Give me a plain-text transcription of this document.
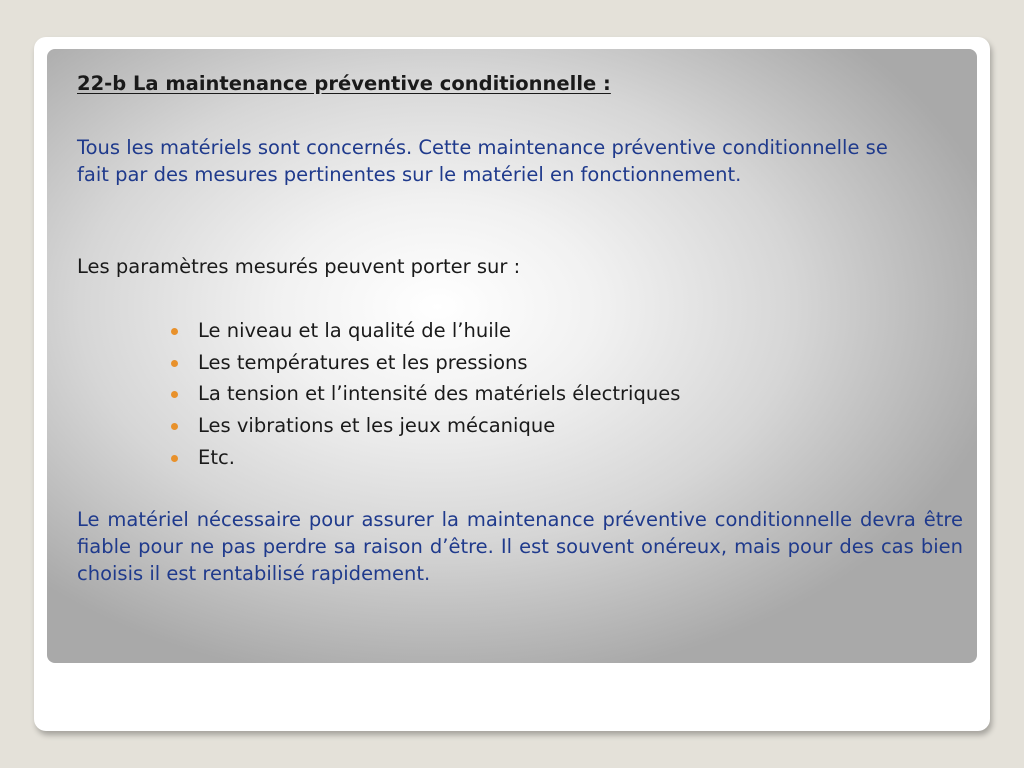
22-b La maintenance préventive conditionnelle :

Tous les matériels sont concernés. Cette maintenance préventive conditionnelle se fait par des mesures pertinentes sur le matériel en fonctionnement.

Les paramètres mesurés peuvent porter sur :

Le niveau et la qualité de l’huile
Les températures et les pressions
La tension et l’intensité des matériels électriques
Les vibrations et les jeux mécanique
Etc.

Le matériel nécessaire pour assurer la maintenance préventive conditionnelle devra être fiable pour ne pas perdre sa raison d’être. Il est souvent onéreux, mais pour des cas bien choisis il est rentabilisé rapidement.
